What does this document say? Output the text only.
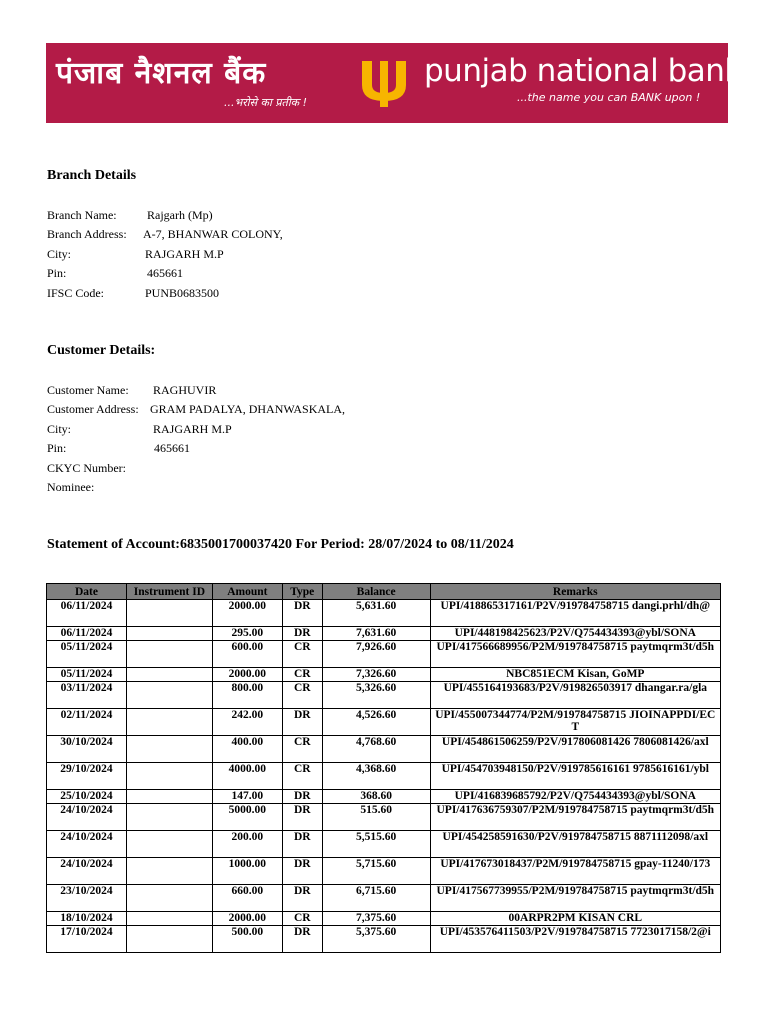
पंजाब नैशनल बैंक
...भरोसे का प्रतीक !
punjab national bank
...the name you can BANK upon !
Branch Details
Branch Name:	Rajgarh (Mp)
Branch Address: A-7, BHANWAR COLONY,
City:	RAJGARH M.P
Pin:	465661
IFSC Code:	PUNB0683500
Customer Details:
Customer Name: RAGHUVIR
Customer Address: GRAM PADALYA, DHANWASKALA,
City:	RAJGARH M.P
Pin:	465661
CKYC Number:
Nominee:
Statement of Account:6835001700037420 For Period: 28/07/2024 to 08/11/2024
Date	Instrument ID	Amount	Type	Balance	Remarks
06/11/2024		2000.00	DR	5,631.60	UPI/418865317161/P2V/919784758715 dangi.prhl/dh@
06/11/2024		295.00	DR	7,631.60	UPI/448198425623/P2V/Q754434393@ybl/SONA
05/11/2024		600.00	CR	7,926.60	UPI/417566689956/P2M/919784758715 paytmqrm3t/d5h
05/11/2024		2000.00	CR	7,326.60	NBC851ECM Kisan, GoMP
03/11/2024		800.00	CR	5,326.60	UPI/455164193683/P2V/919826503917 dhangar.ra/gla
02/11/2024		242.00	DR	4,526.60	UPI/455007344774/P2M/919784758715 JIOINAPPDI/ECT
30/10/2024		400.00	CR	4,768.60	UPI/454861506259/P2V/917806081426 7806081426/axl
29/10/2024		4000.00	CR	4,368.60	UPI/454703948150/P2V/919785616161 9785616161/ybl
25/10/2024		147.00	DR	368.60	UPI/416839685792/P2V/Q754434393@ybl/SONA
24/10/2024		5000.00	DR	515.60	UPI/417636759307/P2M/919784758715 paytmqrm3t/d5h
24/10/2024		200.00	DR	5,515.60	UPI/454258591630/P2V/919784758715 8871112098/axl
24/10/2024		1000.00	DR	5,715.60	UPI/417673018437/P2M/919784758715 gpay-11240/173
23/10/2024		660.00	DR	6,715.60	UPI/417567739955/P2M/919784758715 paytmqrm3t/d5h
18/10/2024		2000.00	CR	7,375.60	00ARPR2PM KISAN CRL
17/10/2024		500.00	DR	5,375.60	UPI/453576411503/P2V/919784758715 7723017158/2@i
